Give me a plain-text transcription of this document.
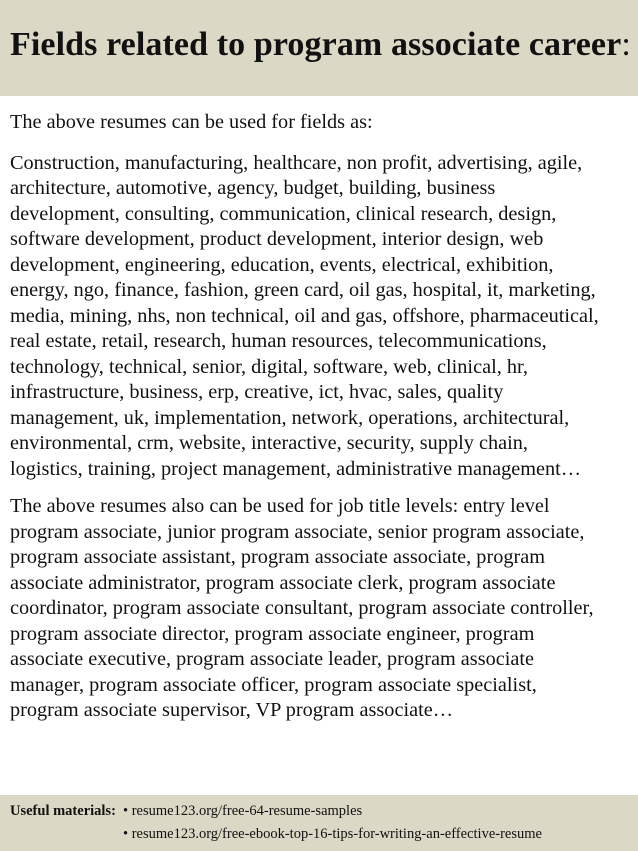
Fields related to program associate career:

The above resumes can be used for fields as:

Construction, manufacturing, healthcare, non profit, advertising, agile,
architecture, automotive, agency, budget, building, business
development, consulting, communication, clinical research, design,
software development, product development, interior design, web
development, engineering, education, events, electrical, exhibition,
energy, ngo, finance, fashion, green card, oil gas, hospital, it, marketing,
media, mining, nhs, non technical, oil and gas, offshore, pharmaceutical,
real estate, retail, research, human resources, telecommunications,
technology, technical, senior, digital, software, web, clinical, hr,
infrastructure, business, erp, creative, ict, hvac, sales, quality
management, uk, implementation, network, operations, architectural,
environmental, crm, website, interactive, security, supply chain,
logistics, training, project management, administrative management…

The above resumes also can be used for job title levels: entry level
program associate, junior program associate, senior program associate,
program associate assistant, program associate associate, program
associate administrator, program associate clerk, program associate
coordinator, program associate consultant, program associate controller,
program associate director, program associate engineer, program
associate executive, program associate leader, program associate
manager, program associate officer, program associate specialist,
program associate supervisor, VP program associate…

Useful materials: • resume123.org/free-64-resume-samples
• resume123.org/free-ebook-top-16-tips-for-writing-an-effective-resume
